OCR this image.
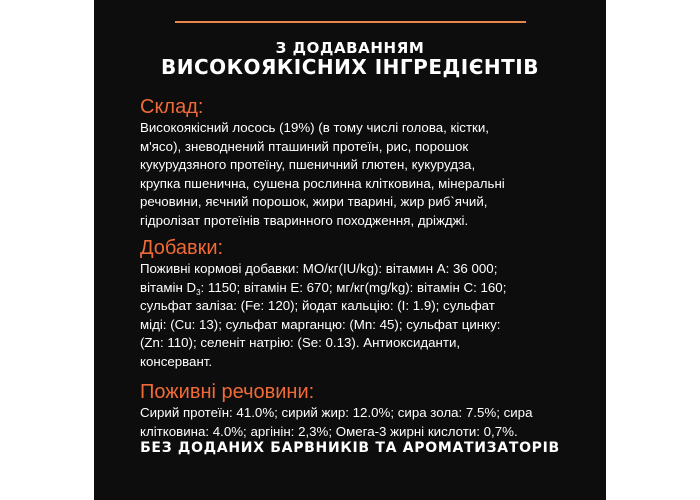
З ДОДАВАННЯМ
ВИСОКОЯКІСНИХ ІНГРЕДІЄНТІВ
Склад:
Високоякісний лосось (19%) (в тому числі голова, кістки,
м'ясо), зневоднений пташиний протеїн, рис, порошок
кукурудзяного протеїну, пшеничний глютен, кукурудза,
крупка пшенична, сушена рослинна клітковина, мінеральні
речовини, яєчний порошок, жири тварині, жир риб`ячий,
гідролізат протеїнів тваринного походження, дріжджі.
Добавки:
Поживні кормові добавки: МО/кг(IU/kg): вітамин А: 36 000;
вітамін $D_3$: 1150; вітамін Е: 670; мг/кг(mg/kg): вітамін С: 160;
сульфат заліза: (Fe: 120); йодат кальцію: (I: 1.9); сульфат
міді: (Cu: 13); сульфат марганцю: (Mn: 45); сульфат цинку:
(Zn: 110); селеніт натрію: (Se: 0.13). Антиоксиданти,
консервант.
Поживні речовини:
Сирий протеїн: 41.0%; сирий жир: 12.0%; сира зола: 7.5%; сира
клітковина: 4.0%; аргінін: 2,3%; Омега-3 жирні кислоти: 0,7%.
БЕЗ ДОДАНИХ БАРВНИКІВ ТА АРОМАТИЗАТОРІВ
